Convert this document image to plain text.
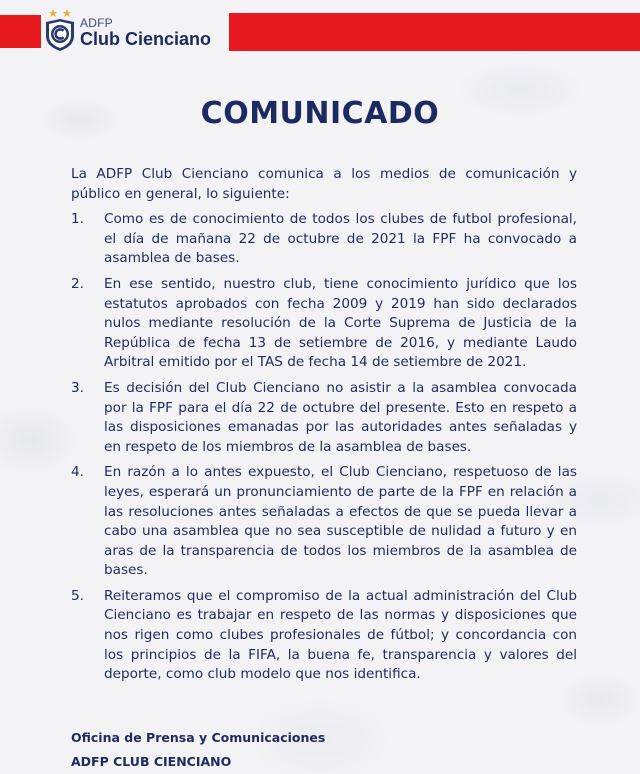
ADFP
Club Cienciano
COMUNICADO

La ADFP Club Cienciano comunica a los medios de comunicación y público en general, lo siguiente:

1.	Como es de conocimiento de todos los clubes de futbol profesional, el día de mañana 22 de octubre de 2021 la FPF ha convocado a asamblea de bases.
2.	En ese sentido, nuestro club, tiene conocimiento jurídico que los estatutos aprobados con fecha 2009 y 2019 han sido declarados nulos mediante resolución de la Corte Suprema de Justicia de la República de fecha 13 de setiembre de 2016, y mediante Laudo Arbitral emitido por el TAS de fecha 14 de setiembre de 2021.
3.	Es decisión del Club Cienciano no asistir a la asamblea convocada por la FPF para el día 22 de octubre del presente. Esto en respeto a las disposiciones emanadas por las autoridades antes señaladas y en respeto de los miembros de la asamblea de bases.
4.	En razón a lo antes expuesto, el Club Cienciano, respetuoso de las leyes, esperará un pronunciamiento de parte de la FPF en relación a las resoluciones antes señaladas a efectos de que se pueda llevar a cabo una asamblea que no sea susceptible de nulidad a futuro y en aras de la transparencia de todos los miembros de la asamblea de bases.
5.	Reiteramos que el compromiso de la actual administración del Club Cienciano es trabajar en respeto de las normas y disposiciones que nos rigen como clubes profesionales de fútbol; y concordancia con los principios de la FIFA, la buena fe, transparencia y valores del deporte, como club modelo que nos identifica.
Oficina de Prensa y Comunicaciones
ADFP CLUB CIENCIANO
